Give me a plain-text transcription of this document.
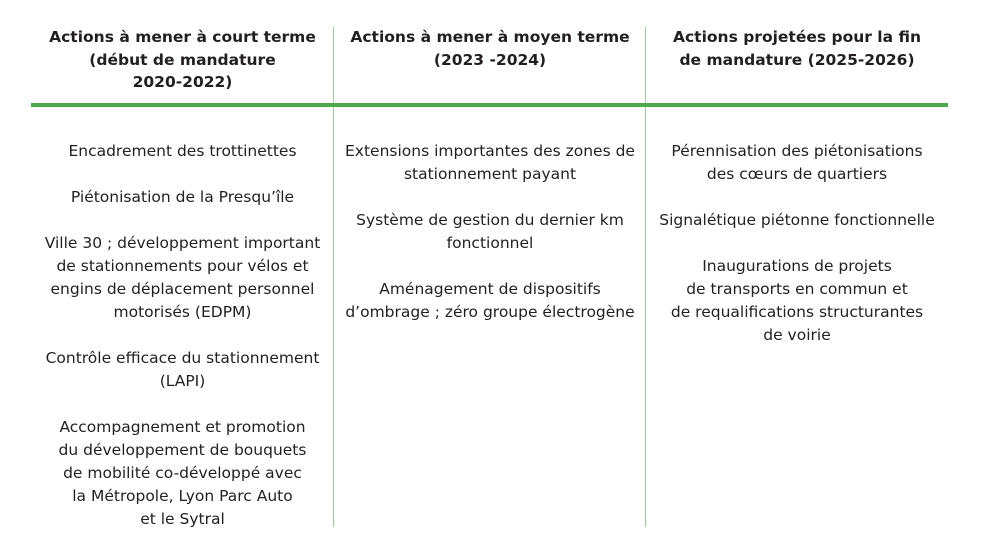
Actions à mener à court terme
(début de mandature
2020-2022)
Encadrement des trottinettes
Piétonisation de la Presqu’île
Ville 30 ; développement important
de stationnements pour vélos et
engins de déplacement personnel
motorisés (EDPM)
Contrôle efficace du stationnement
(LAPI)
Accompagnement et promotion
du développement de bouquets
de mobilité co-développé avec
la Métropole, Lyon Parc Auto
et le Sytral
Actions à mener à moyen terme
(2023 -2024)
Extensions importantes des zones de
stationnement payant
Système de gestion du dernier km
fonctionnel
Aménagement de dispositifs
d’ombrage ; zéro groupe électrogène
Actions projetées pour la fin
de mandature (2025-2026)
Pérennisation des piétonisations
des cœurs de quartiers
Signalétique piétonne fonctionnelle
Inaugurations de projets
de transports en commun et
de requalifications structurantes
de voirie
